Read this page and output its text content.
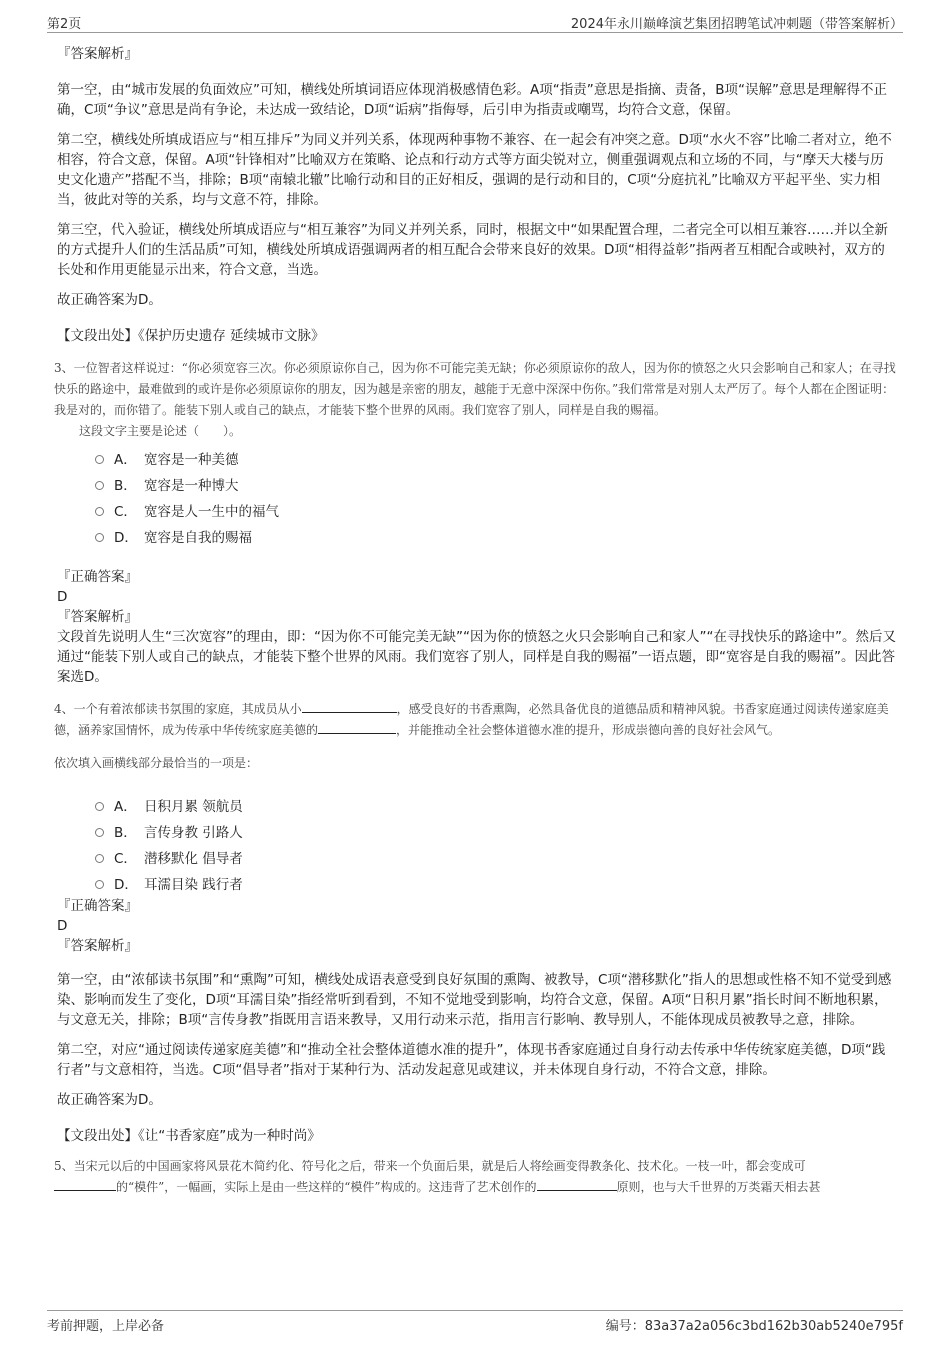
第2页	2024年永川巅峰演艺集团招聘笔试冲刺题（带答案解析）

『答案解析』

第一空，由“城市发展的负面效应”可知，横线处所填词语应体现消极感情色彩。A项“指责”意思是指摘、责备，B项“误解”意思是理解得不正确，C项“争议”意思是尚有争论，未达成一致结论，D项“诟病”指侮辱，后引申为指责或嘲骂，均符合文意，保留。

第二空，横线处所填成语应与“相互排斥”为同义并列关系，体现两种事物不兼容、在一起会有冲突之意。D项“水火不容”比喻二者对立，绝不相容，符合文意，保留。A项“针锋相对”比喻双方在策略、论点和行动方式等方面尖锐对立，侧重强调观点和立场的不同，与“摩天大楼与历史文化遗产”搭配不当，排除；B项“南辕北辙”比喻行动和目的正好相反，强调的是行动和目的，C项“分庭抗礼”比喻双方平起平坐、实力相当，彼此对等的关系，均与文意不符，排除。

第三空，代入验证，横线处所填成语应与“相互兼容”为同义并列关系，同时，根据文中“如果配置合理，二者完全可以相互兼容……并以全新的方式提升人们的生活品质”可知，横线处所填成语强调两者的相互配合会带来良好的效果。D项“相得益彰”指两者互相配合或映衬，双方的长处和作用更能显示出来，符合文意，当选。

故正确答案为D。

【文段出处】《保护历史遗存 延续城市文脉》

3、一位智者这样说过：“你必须宽容三次。你必须原谅你自己，因为你不可能完美无缺；你必须原谅你的敌人，因为你的愤怒之火只会影响自己和家人；在寻找快乐的路途中，最难做到的或许是你必须原谅你的朋友，因为越是亲密的朋友，越能于无意中深深中伤你。”我们常常是对别人太严厉了。每个人都在企图证明：我是对的，而你错了。能装下别人或自己的缺点，才能装下整个世界的风雨。我们宽容了别人，同样是自我的赐福。

这段文字主要是论述（　　）。

A． 宽容是一种美德
B． 宽容是一种博大
C． 宽容是人一生中的福气
D． 宽容是自我的赐福

『正确答案』

D

『答案解析』

文段首先说明人生“三次宽容”的理由，即：“因为你不可能完美无缺”“因为你的愤怒之火只会影响自己和家人”“在寻找快乐的路途中”。然后又通过“能装下别人或自己的缺点，才能装下整个世界的风雨。我们宽容了别人，同样是自我的赐福”一语点题，即“宽容是自我的赐福”。因此答案选D。

4、一个有着浓郁读书氛围的家庭，其成员从小	，感受良好的书香熏陶，必然具备优良的道德品质和精神风貌。书香家庭通过阅读传递家庭美德，涵养家国情怀，成为传承中华传统家庭美德的	，并能推动全社会整体道德水准的提升，形成崇德向善的良好社会风气。

依次填入画横线部分最恰当的一项是：

A． 日积月累 领航员
B． 言传身教 引路人
C． 潜移默化 倡导者
D． 耳濡目染 践行者

『正确答案』

D

『答案解析』

第一空，由“浓郁读书氛围”和“熏陶”可知，横线处成语表意受到良好氛围的熏陶、被教导，C项“潜移默化”指人的思想或性格不知不觉受到感染、影响而发生了变化，D项“耳濡目染”指经常听到看到，不知不觉地受到影响，均符合文意，保留。A项“日积月累”指长时间不断地积累，与文意无关，排除；B项“言传身教”指既用言语来教导，又用行动来示范，指用言行影响、教导别人，不能体现成员被教导之意，排除。

第二空，对应“通过阅读传递家庭美德”和“推动全社会整体道德水准的提升”，体现书香家庭通过自身行动去传承中华传统家庭美德，D项“践行者”与文意相符，当选。C项“倡导者”指对于某种行为、活动发起意见或建议，并未体现自身行动，不符合文意，排除。

故正确答案为D。

【文段出处】《让“书香家庭”成为一种时尚》

5、当宋元以后的中国画家将风景花木简约化、符号化之后，带来一个负面后果，就是后人将绘画变得教条化、技术化。一枝一叶，都会变成可
的“模件”，一幅画，实际上是由一些这样的“模件”构成的。这违背了艺术创作的	原则，也与大千世界的万类霜天相去甚

考前押题，上岸必备	编号：83a37a2a056c3bd162b30ab5240e795f
